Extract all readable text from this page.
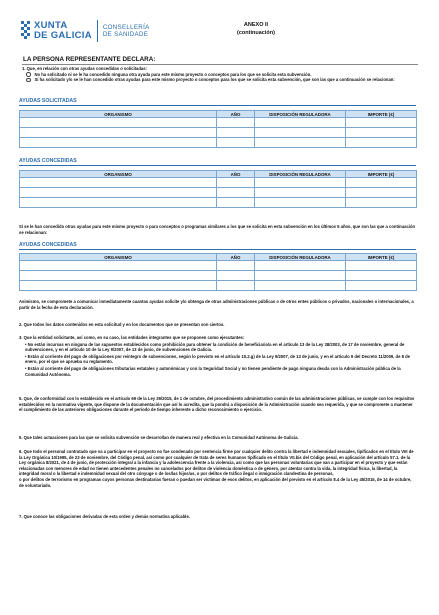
XUNTA
DE GALICIA
CONSELLERÍA
DE SANIDADE
ANEXO II
(continuación)
LA PERSONA REPRESENTANTE DECLARA:
1. Que, en relación con otras ayudas concedidas o solicitadas:
No ha solicitado ni se le ha concedido ninguna otra ayuda para este mismo proyecto o conceptos para los que se solicita esta subvención.
Sí ha solicitado y/o se le han concedido otras ayudas para este mismo proyecto o conceptos para los que se solicita esta subvención, que son las que a continuación se relacionan:
AYUDAS SOLICITADAS
ORGANISMO	AÑO	DISPOSICIÓN REGULADORA	IMPORTE (€)

AYUDAS CONCEDIDAS
ORGANISMO	AÑO	DISPOSICIÓN REGULADORA	IMPORTE (€)

Sí se le han concedido otras ayudas para este mismo proyecto o para conceptos o programas similares a los que se solicita en esta subvención en los últimos 5 años, que son las que a continuación se relacionan:
AYUDAS CONCEDIDAS
ORGANISMO	AÑO	DISPOSICIÓN REGULADORA	IMPORTE (€)

Asimismo, se compromete a comunicar inmediatamente cuantas ayudas solicite y/o obtenga de otras administraciones públicas o de otros entes públicos o privados, nacionales o internacionales, a partir de la fecha de esta declaración.
2. Que todos los datos contenidos en esta solicitud y en los documentos que se presentan son ciertos.
3. Que la entidad solicitante, así como, en su caso, las entidades integrantes que se proponen como ejecutantes:
• No están incursas en ninguna de las supuestos establecidos como prohibición para obtener la condición de beneficiario/a en el artículo 13 de la Ley 38/2003, de 17 de noviembre, general de subvenciones, y en el artículo 10 de la Ley 9/2007, de 13 de junio, de subvenciones de Galicia.
• Están al corriente del pago de obligaciones por reintegro de subvenciones, según lo previsto en el artículo 10.2.g) de la Ley 9/2007, de 13 de junio, y en el artículo 9 del Decreto 11/2009, de 8 de enero, por el que se aprueba su reglamento.
• Están al corriente del pago de obligaciones tributarias estatales y autonómicas y con la Seguridad Social y no tienen pendiente de pago ninguna deuda con la Administración pública de la Comunidad Autónoma.
5. Que, de conformidad con lo establecido en el artículo 69 de la Ley 39/2015, de 1 de octubre, del procedimiento administrativo común de las administraciones públicas, se cumple con los requisitos establecidos en la normativa vigente, que dispone de la documentación que así lo acredita, que la pondrá a disposición de la Administración cuando sea requerida, y que se compromete a mantener el cumplimiento de las anteriores obligaciones durante el período de tiempo inherente a dicho reconocimiento o ejercicio.
5. Que tales actuaciones para las que se solicita subvención se desarrollan de manera real y efectiva en la Comunidad Autónoma de Galicia.
6. Que todo el personal contratado que va a participar en el proyecto no fue condenado por sentencia firme por cualquier delito contra la libertad e indemnidad sexuales, tipificados en el título VIII de la Ley Orgánica 10/1995, de 23 de noviembre, del Código penal, así como por cualquier de trata de seres humanos tipificado en el título VII.bis del Código penal, en aplicación del artículo 57.1. de la Ley orgánica 8/2021, de 4 de junio, de protección integral a la infancia y la adolescencia frente a la violencia, así como que las personas voluntarias que van a participar en el proyecto y que están relacionadas con menores de edad no tienen antecedentes penales no cancelados por delitos de violencia doméstica o de género, por atentar contra la vida, la integridad física, la libertad, la integridad moral o la libertad e indemnidad sexual del otro cónyuge o de los/las hijos/as, o por delitos de tráfico ilegal o inmigración clandestina de personas,
o por delitos de terrorismo en programas cuyos personas destinatarias fueran o puedan ser víctimas de esos delitos, en aplicación del previsto en el artículo 8.4 de la Ley 45/2015, de 14 de octubre, de voluntariado.
7. Que conoce las obligaciones derivadas de esta orden y demás normativa aplicable.
